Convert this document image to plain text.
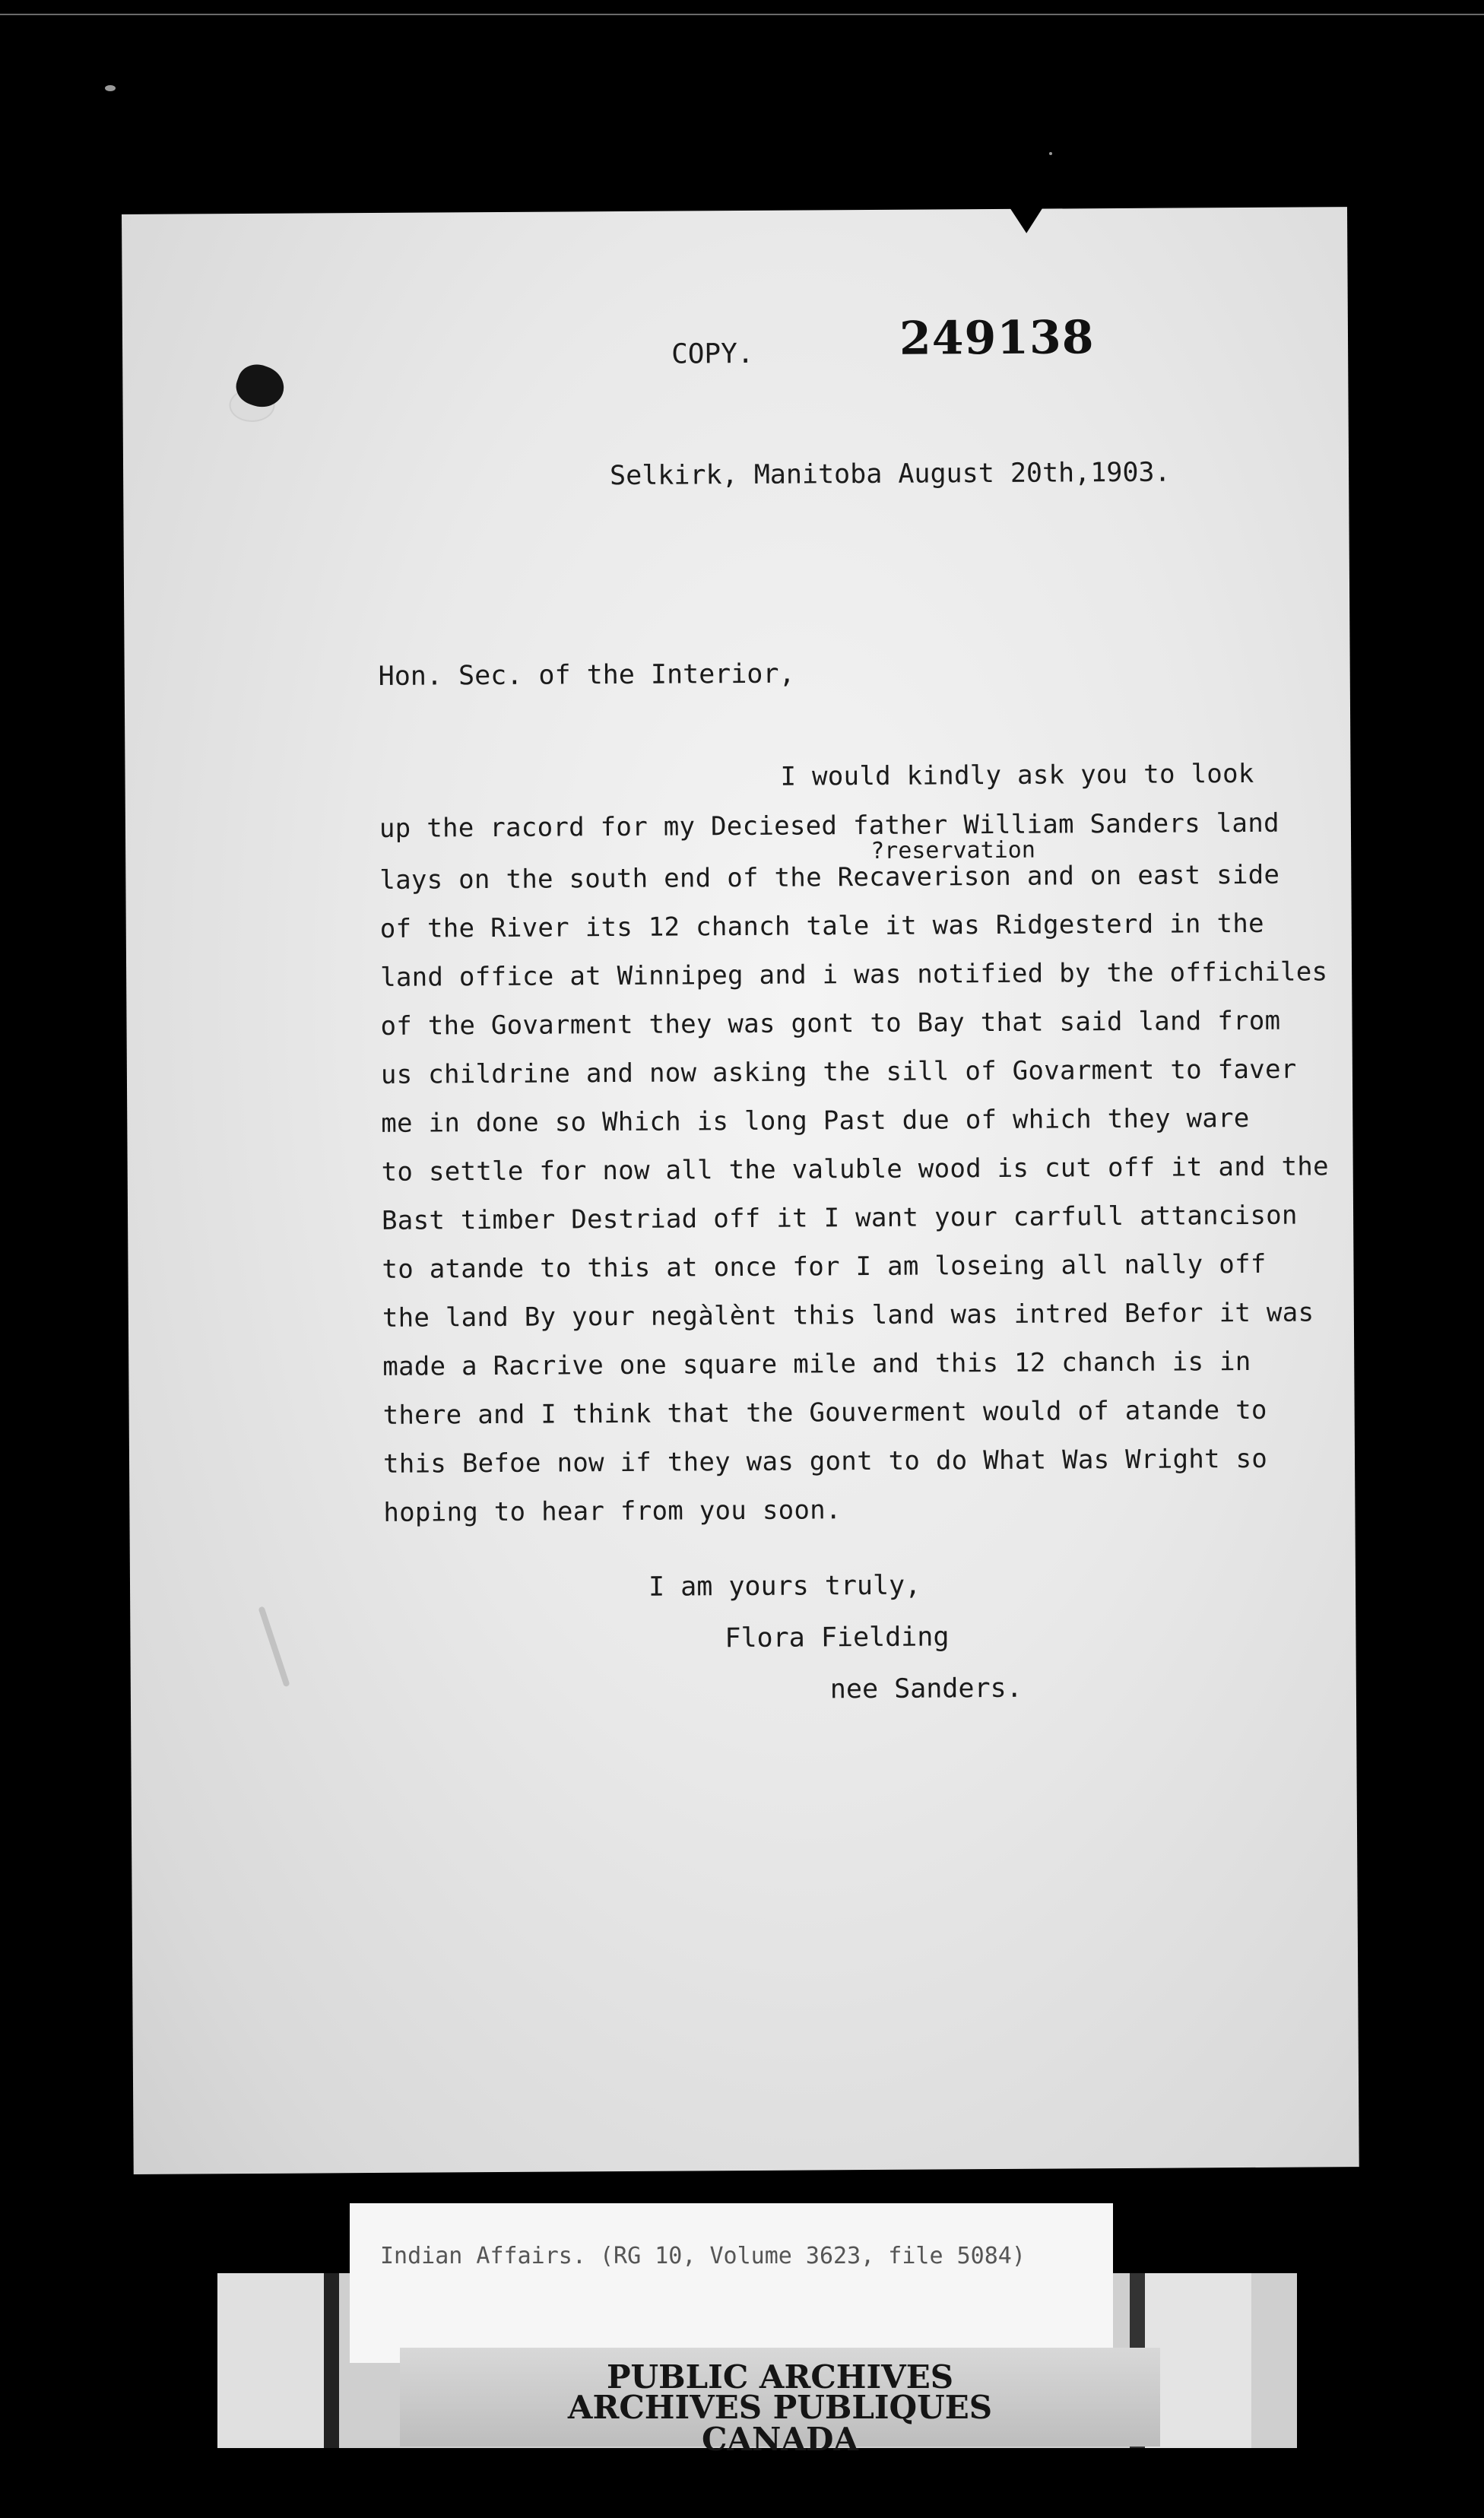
COPY.	249138
Selkirk, Manitoba August 20th,1903.
Hon. Sec. of the Interior,
I would kindly ask you to look
up the racord for my Deciesed father William Sanders land
?reservation
lays on the south end of the Recaverison and on east side
of the River its 12 chanch tale it was Ridgesterd in the
land office at Winnipeg and i was notified by the offichiles
of the Govarment they was gont to Bay that said land from
us childrine and now asking the sill of Govarment to faver
me in done so Which is long Past due of which they ware
to settle for now all the valuble wood is cut off it and the
Bast timber Destriad off it I want your carfull attancison
to atande to this at once for I am loseing all nally off
the land By your negàlènt this land was intred Befor it was
made a Racrive one square mile and this 12 chanch is in
there and I think that the Gouverment would of atande to
this Befoe now if they was gont to do What Was Wright so
hoping to hear from you soon.
I am yours truly,
Flora Fielding
nee Sanders.
Indian Affairs. (RG 10, Volume 3623, file 5084)
PUBLIC ARCHIVES
ARCHIVES PUBLIQUES
CANADA
